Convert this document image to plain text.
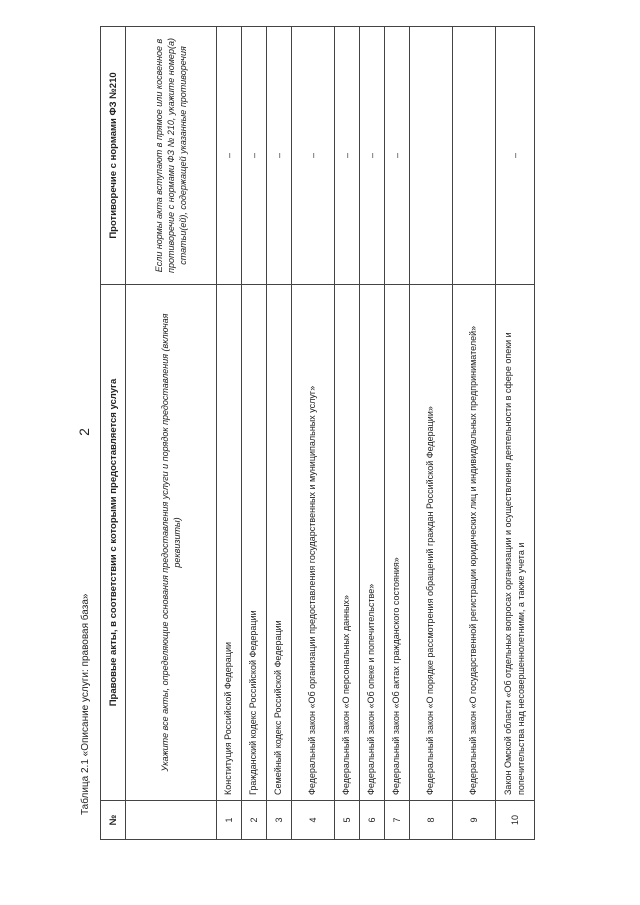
2
Таблица 2.1 «Описание услуги: правовая база»
№	Правовые акты, в соответствии с которыми предоставляется услуга	Противоречие с нормами ФЗ №210
	Укажите все акты, определяющие основания предоставления услуги и порядок предоставления (включая реквизиты)	Если нормы акта вступают в прямое или косвенное в противоречие с нормами ФЗ № 210, укажите номер(а) статьи(ей), содержащей указанные противоречия
1	Конституция Российской Федерации	–
2	Гражданский кодекс Российской Федерации	–
3	Семейный кодекс Российской Федерации	–
4	Федеральный закон «Об организации предоставления государственных и муниципальных услуг»	–
5	Федеральный закон «О персональных данных»	–
6	Федеральный закон «Об опеке и попечительстве»	–
7	Федеральный закон «Об актах гражданского состояния»	–
8	Федеральный закон «О порядке рассмотрения обращений граждан Российской Федерации»	
9	Федеральный закон «О государственной регистрации юридических лиц и индивидуальных предпринимателей»	
10	Закон Омской области «Об отдельных вопросах организации и осуществления деятельности в сфере опеки и попечительства над несовершеннолетними, а также учета и	–
